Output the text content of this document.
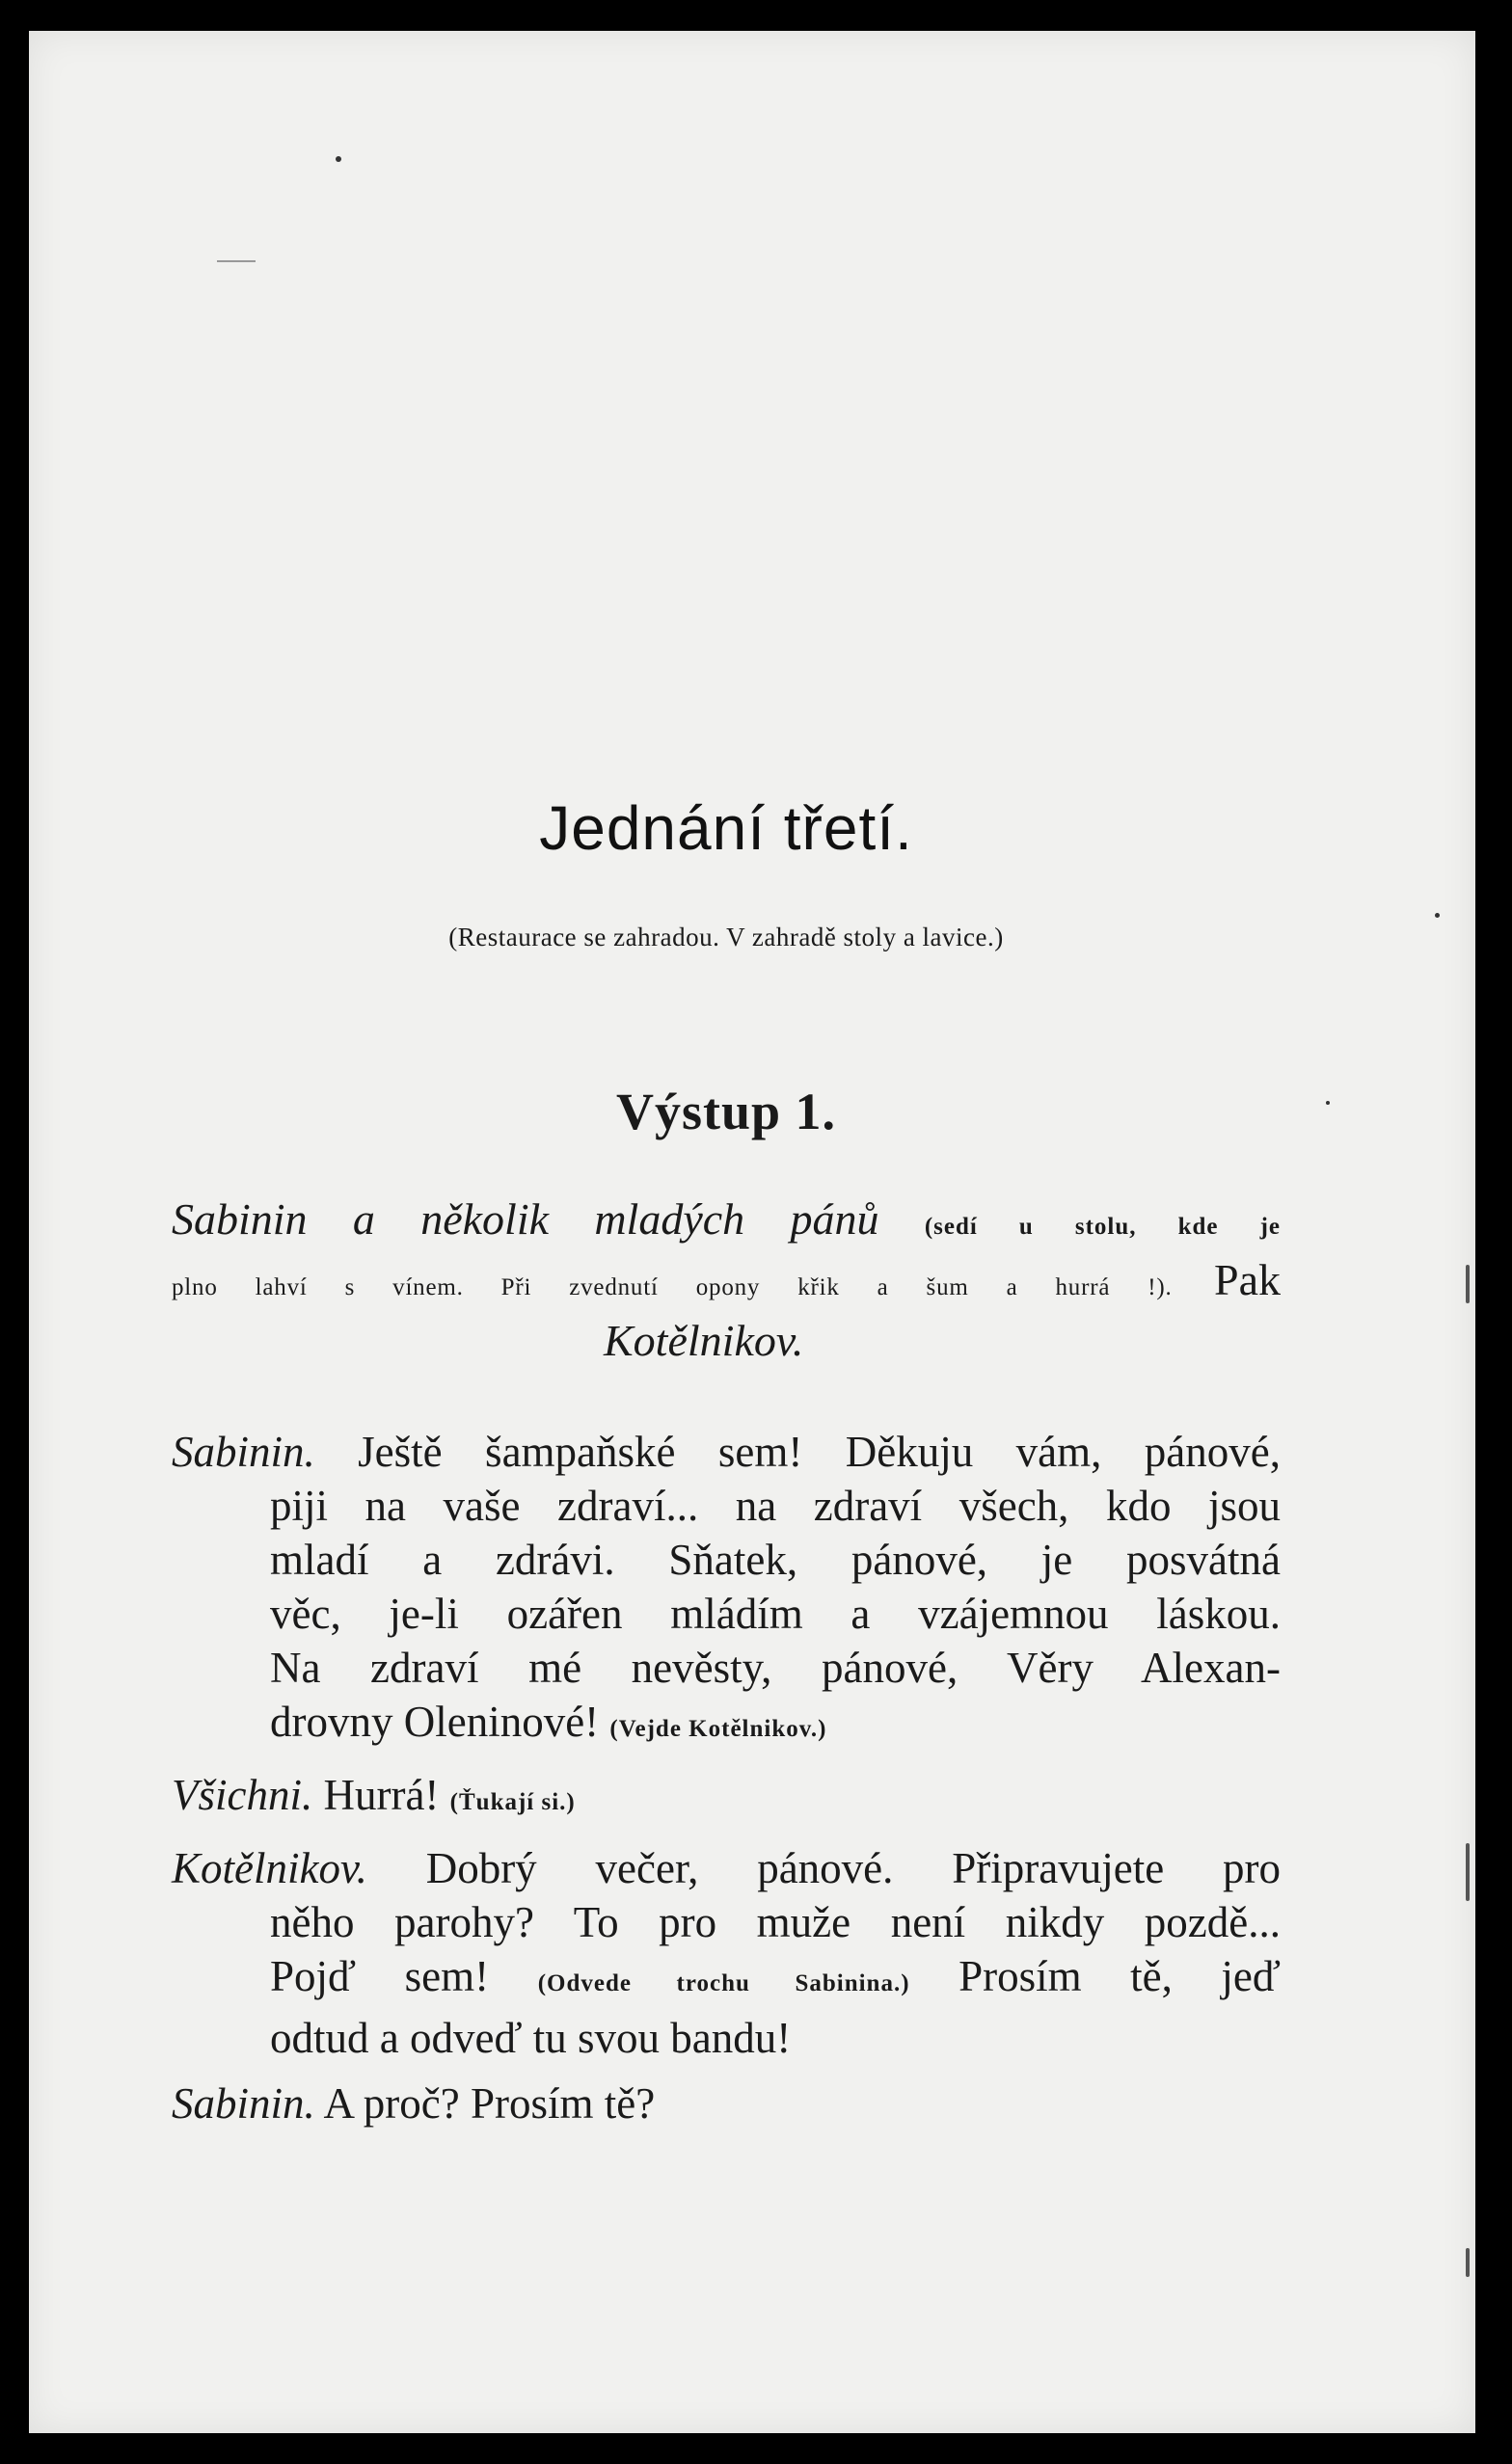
Jednání třetí.
(Restaurace se zahradou. V zahradě stoly a lavice.)
Výstup 1.
Sabinin a několik mladých pánů (sedí u stolu, kde je
plno lahví s vínem. Při zvednutí opony křik a šum a hurrá !). Pak
Kotělnikov.
Sabinin. Ještě šampaňské sem! Děkuju vám, pánové,
piji na vaše zdraví... na zdraví všech, kdo jsou
mladí a zdrávi. Sňatek, pánové, je posvátná
věc, je-li ozářen mládím a vzájemnou láskou.
Na zdraví mé nevěsty, pánové, Věry Alexan-
drovny Oleninové! (Vejde Kotělnikov.)
Všichni. Hurrá! (Ťukají si.)
Kotělnikov. Dobrý večer, pánové. Připravujete pro
něho parohy? To pro muže není nikdy pozdě...
Pojď sem! (Odvede trochu Sabinina.) Prosím tě, jeď
odtud a odveď tu svou bandu!
Sabinin. A proč? Prosím tě?
